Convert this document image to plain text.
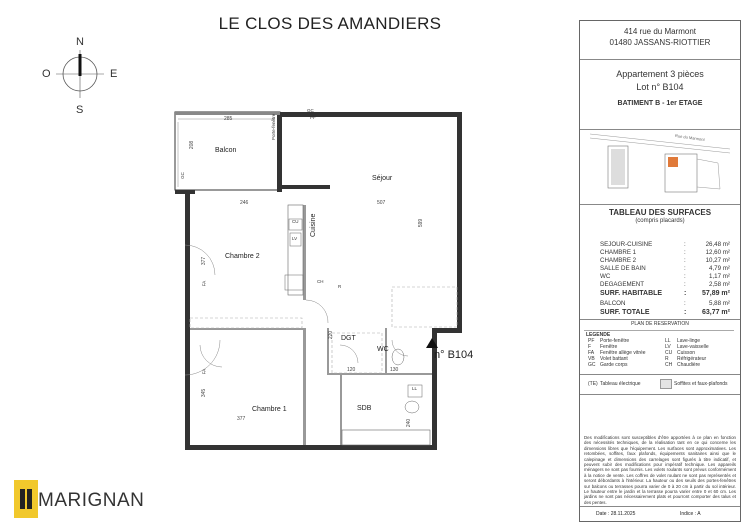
LE CLOS DES AMANDIERS
N
S
E
O
Balcon
Séjour
Chambre 2
Chambre 1
Cuisine
DGT
WC
SDB
285
208
246	507
599
377
345
377
220
130
120
240
GC
PF
GC
FA
FA
CU
LV
CH
R
LL
Porte-fenêtre
n° B104
MARIGNAN
414 rue du Marmont
01480 JASSANS-RIOTTIER
Appartement 3 pièces
Lot n° B104
BATIMENT B - 1er ETAGE
Rue du Marmont
TABLEAU DES SURFACES
(compris placards)
SEJOUR-CUISINE	:	26,48 m²
CHAMBRE 1	:	12,60 m²
CHAMBRE 2	:	10,27 m²
SALLE DE BAIN	:	4,79 m²
WC	:	1,17 m²
DEGAGEMENT	:	2,58 m²
SURF. HABITABLE	: 57,89 m²
BALCON	:	5,88 m²
SURF. TOTALE	: 63,77 m²
PLAN DE RESERVATION
LEGENDE
PF Porte-fenêtre
F Fenêtre
FA Fenêtre allège vitrée
VB Volet battant
GC Garde corps
LL Lave-linge
LV Lave-vaisselle
CU Cuisson
R Réfrigérateur
CH Chaudière
(TE) Tableau électrique	Soffites et faux-plafonds
Des modifications sont susceptibles d'être apportées à ce plan en fonction des nécessités techniques, de la réalisation tant en ce qui concerne les dimensions libres que l'équipement. Les surfaces sont approximatives. Les retombées, soffites, faux plafonds, équipements sanitaires ainsi que le calepinage et dimensions des carrelages sont figurés à titre indicatif, et peuvent subir des modifications pour impératif technique. Les appareils ménagers ne sont pas fournis. Les volets roulants sont prévus conformément à la notice de vente. Les coffres de volet roulant ne sont pas représentés et seront débordants à l'intérieur. La hauteur ou des seuils des portes-fenêtres sur balcons ou terrasses pourra varier de 0 à 20 cm à partir du sol intérieur. Le hauteur entre le jardin et la terrasse pourra varier entre 0 et 60 cm. Les jardins ne sont pas nécessairement plats et pourront comporter des talus et des pentes.
Date : 28.11.2025	Indice : A
